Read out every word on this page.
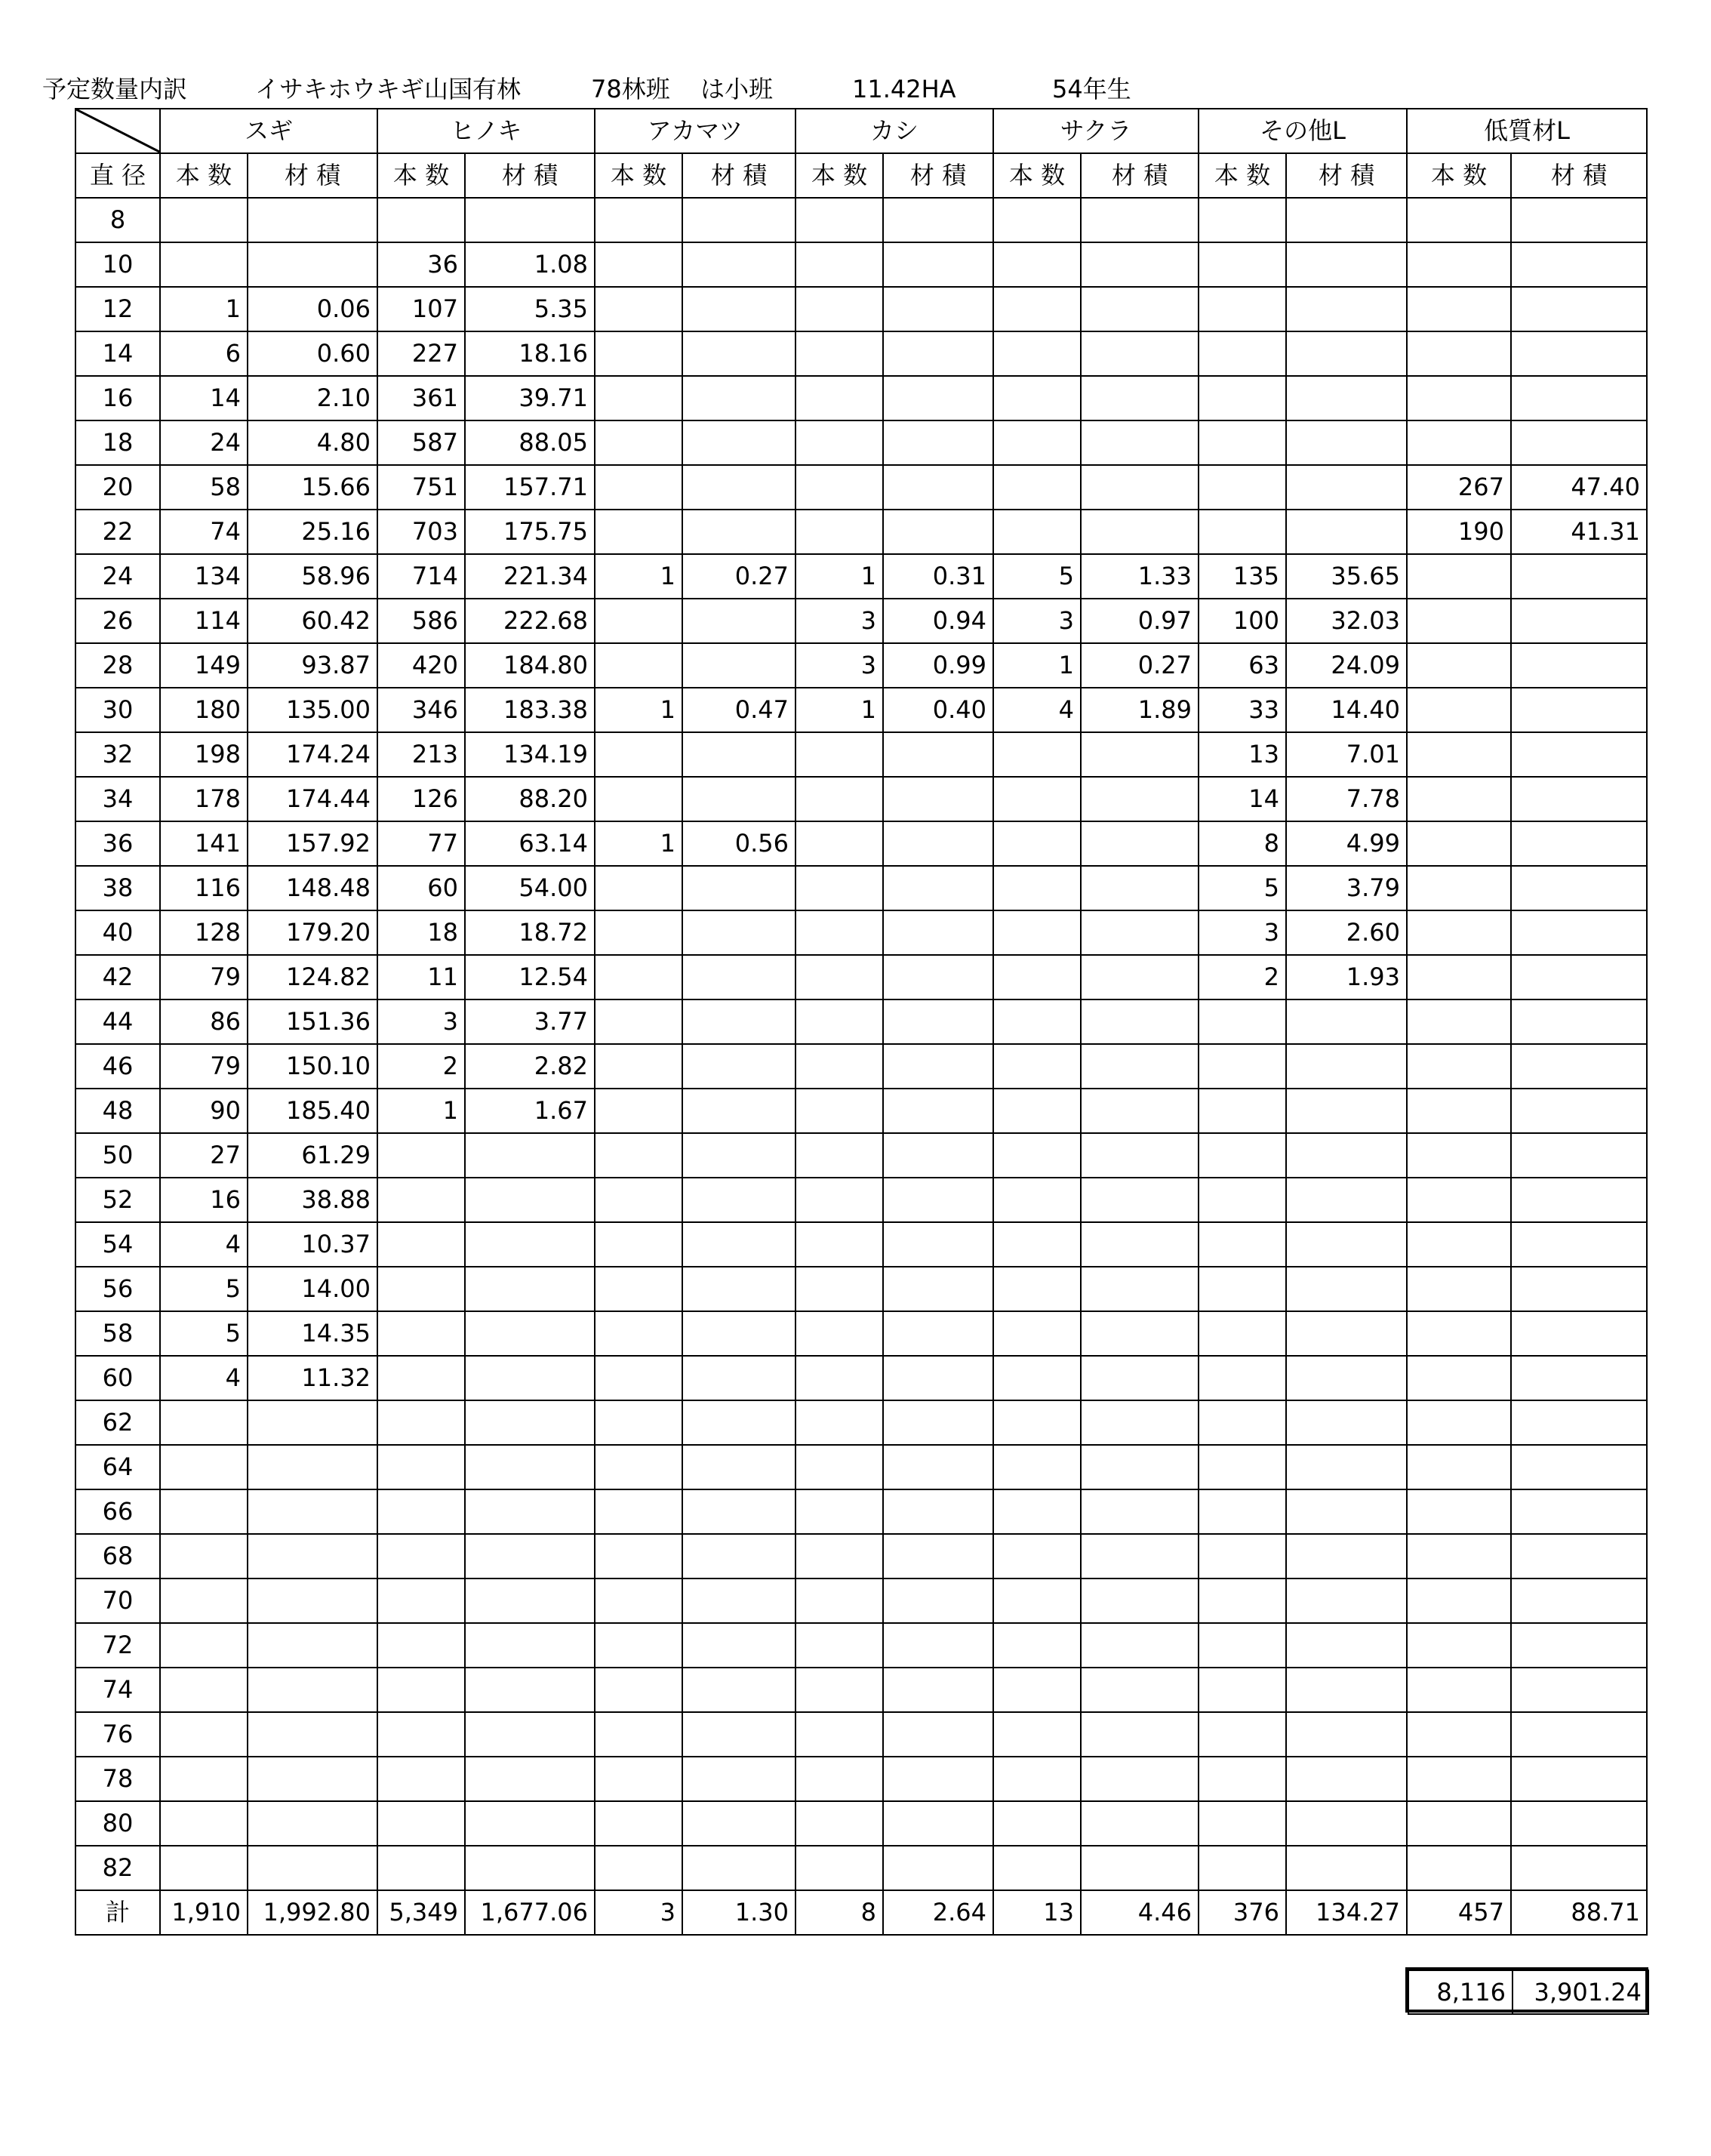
予定数量内訳	イサキホウキギ山国有林	78林班 は小班	11.42HA	54年生
	スギ		ヒノキ		アカマツ		カシ		サクラ		その他L		低質材L	
直 径	本 数	材 積	本 数	材 積	本 数	材 積	本 数	材 積	本 数	材 積	本 数	材 積	本 数	材 積
8														
10			36	1.08										
12	1	0.06	107	5.35										
14	6	0.60	227	18.16										
16	14	2.10	361	39.71										
18	24	4.80	587	88.05										
20	58	15.66	751	157.71									267	47.40
22	74	25.16	703	175.75									190	41.31
24	134	58.96	714	221.34	1	0.27	1	0.31	5	1.33	135	35.65		
26	114	60.42	586	222.68			3	0.94	3	0.97	100	32.03		
28	149	93.87	420	184.80			3	0.99	1	0.27	63	24.09		
30	180	135.00	346	183.38	1	0.47	1	0.40	4	1.89	33	14.40		
32	198	174.24	213	134.19							13	7.01		
34	178	174.44	126	88.20							14	7.78		
36	141	157.92	77	63.14	1	0.56					8	4.99		
38	116	148.48	60	54.00							5	3.79		
40	128	179.20	18	18.72							3	2.60		
42	79	124.82	11	12.54							2	1.93		
44	86	151.36	3	3.77										
46	79	150.10	2	2.82										
48	90	185.40	1	1.67										
50	27	61.29												
52	16	38.88												
54	4	10.37												
56	5	14.00												
58	5	14.35												
60	4	11.32												
62														
64														
66														
68														
70														
72														
74														
76														
78														
80														
82														
計	1,910	1,992.80	5,349	1,677.06	3	1.30	8	2.64	13	4.46	376	134.27	457	88.71
8,116	3,901.24
